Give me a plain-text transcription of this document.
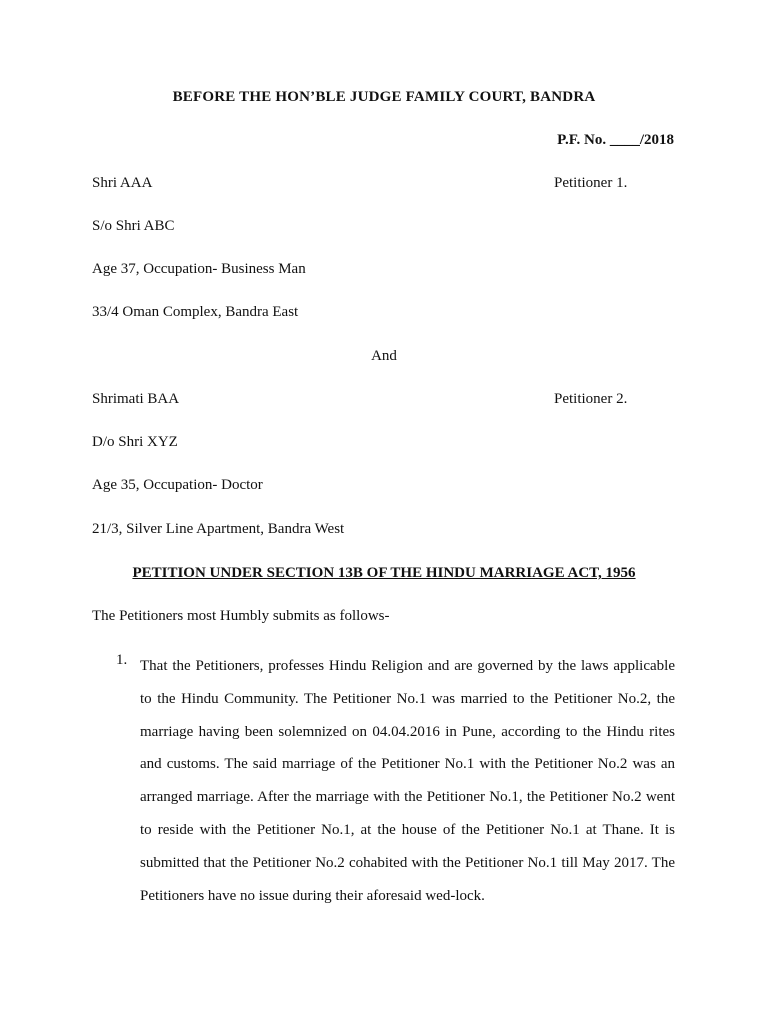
BEFORE THE HON’BLE JUDGE FAMILY COURT, BANDRA
P.F. No. ____/2018
Shri AAA	Petitioner 1.
S/o Shri ABC
Age 37, Occupation- Business Man
33/4 Oman Complex, Bandra East
And
Shrimati BAA	Petitioner 2.
D/o Shri XYZ
Age 35, Occupation- Doctor
21/3, Silver Line Apartment, Bandra West
PETITION UNDER SECTION 13B OF THE HINDU MARRIAGE ACT, 1956
The Petitioners most Humbly submits as follows-
1. That the Petitioners, professes Hindu Religion and are governed by the laws applicable to the Hindu Community. The Petitioner No.1 was married to the Petitioner No.2, the marriage having been solemnized on 04.04.2016 in Pune, according to the Hindu rites and customs. The said marriage of the Petitioner No.1 with the Petitioner No.2 was an arranged marriage. After the marriage with the Petitioner No.1, the Petitioner No.2 went to reside with the Petitioner No.1, at the house of the Petitioner No.1 at Thane. It is submitted that the Petitioner No.2 cohabited with the Petitioner No.1 till May 2017. The Petitioners have no issue during their aforesaid wed-lock.
